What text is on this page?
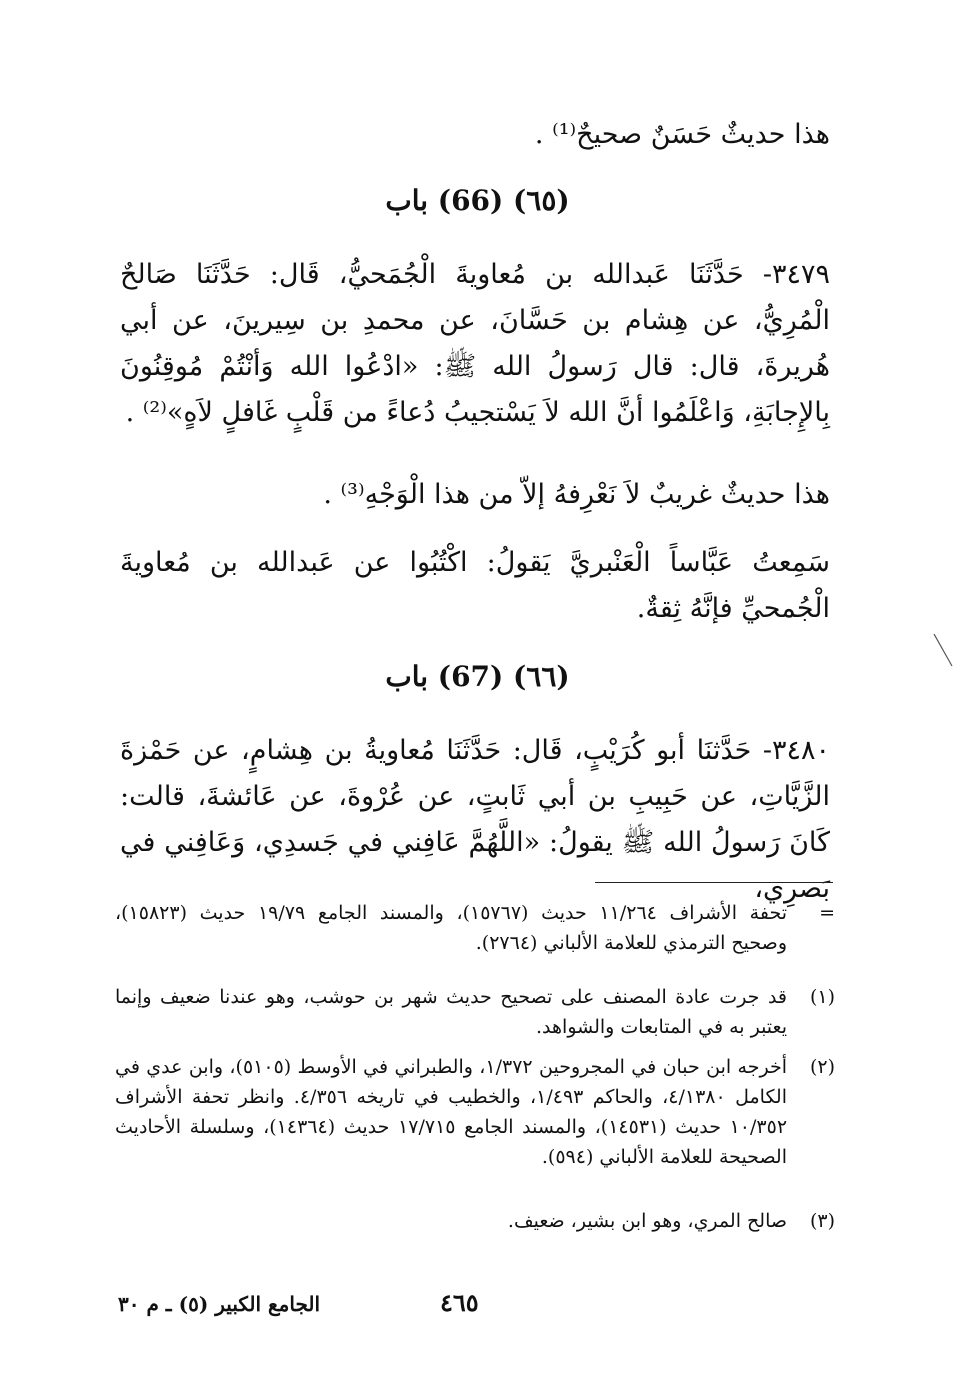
هذا حديثٌ حَسَنٌ صحيحٌ⁽¹⁾ .

(٦٥) (66) باب

٣٤٧٩- حَدَّثَنَا عَبدالله بن مُعاويةَ الْجُمَحيُّ، قَال: حَدَّثَنَا صَالحٌ الْمُرِيُّ، عن هِشام بن حَسَّانَ، عن محمدِ بن سِيرينَ، عن أبي هُريرةَ، قال: قال رَسولُ الله ﷺ: «ادْعُوا الله وَأنْتُمْ مُوقِنُونَ بِالإِجابَةِ، وَاعْلَمُوا أنَّ الله لاَ يَسْتجيبُ دُعاءً من قَلْبٍ غَافلٍ لاَهٍ»⁽²⁾ .

هذا حديثٌ غريبٌ لاَ نَعْرِفهُ إلاّ من هذا الْوَجْهِ⁽³⁾ .

سَمِعتُ عَبَّاساً الْعَنْبريَّ يَقولُ: اكْتُبُوا عن عَبدالله بن مُعاويةَ الْجُمحيِّ فإنَّهُ ثِقةٌ.

(٦٦) (67) باب

٣٤٨٠- حَدَّثنَا أبو كُرَيْبٍ، قَال: حَدَّثَنَا مُعاويةُ بن هِشامٍ، عن حَمْزةَ الزَّيَّاتِ، عن حَبِيبِ بن أبي ثَابتٍ، عن عُرْوةَ، عن عَائشةَ، قالت: كَانَ رَسولُ الله ﷺ يقولُ: «اللَّهُمَّ عَافِني في جَسدِي، وَعَافِني في بَصرِي،

=
تحفة الأشراف ١١/٢٦٤ حديث (١٥٧٦٧)، والمسند الجامع ١٩/٧٩ حديث (١٥٨٢٣)، وصحيح الترمذي للعلامة الألباني (٢٧٦٤).
(١)
قد جرت عادة المصنف على تصحيح حديث شهر بن حوشب، وهو عندنا ضعيف وإنما يعتبر به في المتابعات والشواهد.
(٢)
أخرجه ابن حبان في المجروحين ١/٣٧٢، والطبراني في الأوسط (٥١٠٥)، وابن عدي في الكامل ٤/١٣٨٠، والحاكم ١/٤٩٣، والخطيب في تاريخه ٤/٣٥٦. وانظر تحفة الأشراف ١٠/٣٥٢ حديث (١٤٥٣١)، والمسند الجامع ١٧/٧١٥ حديث (١٤٣٦٤)، وسلسلة الأحاديث الصحيحة للعلامة الألباني (٥٩٤).
(٣)
صالح المري، وهو ابن بشير، ضعيف.
٤٦٥
الجامع الكبير (٥) ـ م ٣٠
